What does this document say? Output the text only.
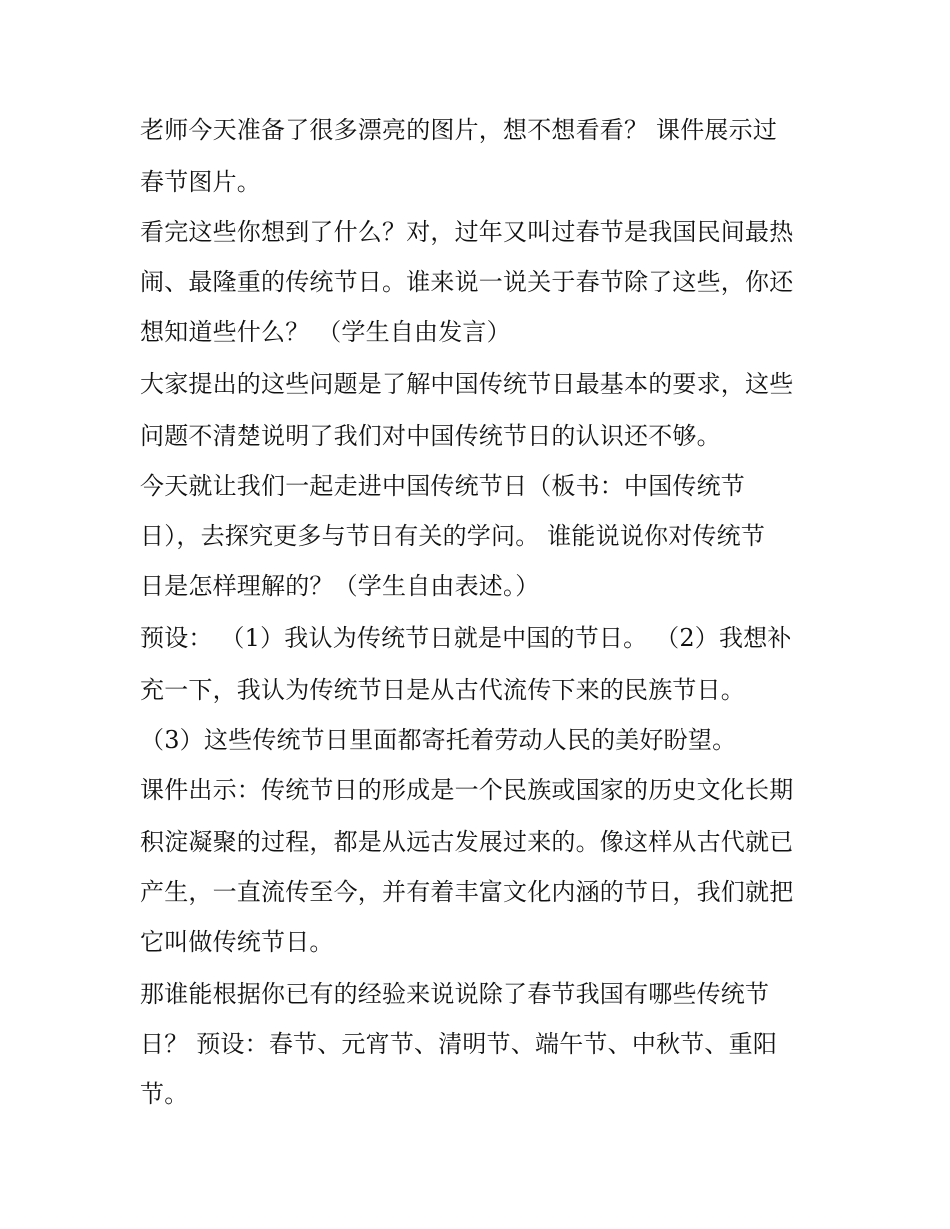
老师今天准备了很多漂亮的图片，想不想看看？ 课件展示过
春节图片。
看完这些你想到了什么？对，过年又叫过春节是我国民间最热
闹、最隆重的传统节日。谁来说一说关于春节除了这些，你还
想知道些什么？ （学生自由发言）
大家提出的这些问题是了解中国传统节日最基本的要求，这些
问题不清楚说明了我们对中国传统节日的认识还不够。
今天就让我们一起走进中国传统节日（板书：中国传统节
日），去探究更多与节日有关的学问。 谁能说说你对传统节
日是怎样理解的？（学生自由表述。）
预设： （1）我认为传统节日就是中国的节日。 （2）我想补
充一下，我认为传统节日是从古代流传下来的民族节日。
（3）这些传统节日里面都寄托着劳动人民的美好盼望。
课件出示：传统节日的形成是一个民族或国家的历史文化长期
积淀凝聚的过程，都是从远古发展过来的。像这样从古代就已
产生，一直流传至今，并有着丰富文化内涵的节日，我们就把
它叫做传统节日。
那谁能根据你已有的经验来说说除了春节我国有哪些传统节
日？ 预设：春节、元宵节、清明节、端午节、中秋节、重阳
节。
